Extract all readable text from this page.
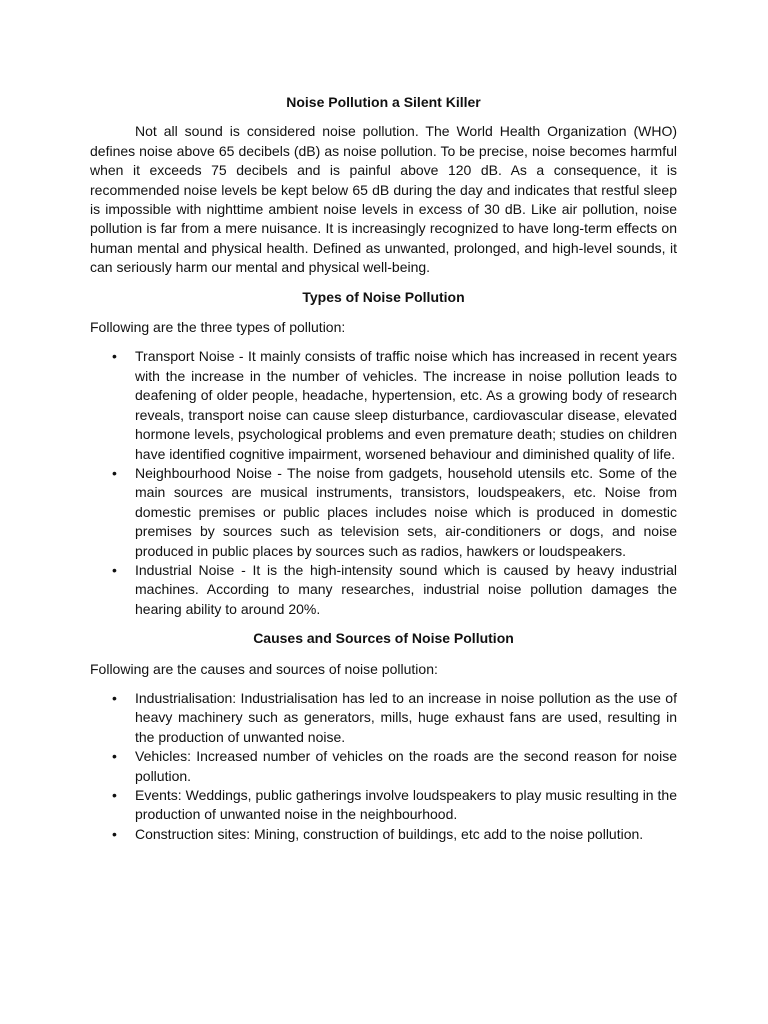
Noise Pollution a Silent Killer

Not all sound is considered noise pollution. The World Health Organization (WHO) defines noise above 65 decibels (dB) as noise pollution. To be precise, noise becomes harmful when it exceeds 75 decibels and is painful above 120 dB. As a consequence, it is recommended noise levels be kept below 65 dB during the day and indicates that restful sleep is impossible with nighttime ambient noise levels in excess of 30 dB. Like air pollution, noise pollution is far from a mere nuisance. It is increasingly recognized to have long-term effects on human mental and physical health. Defined as unwanted, prolonged, and high-level sounds, it can seriously harm our mental and physical well-being.

Types of Noise Pollution

Following are the three types of pollution:

• Transport Noise - It mainly consists of traffic noise which has increased in recent years with the increase in the number of vehicles. The increase in noise pollution leads to deafening of older people, headache, hypertension, etc. As a growing body of research reveals, transport noise can cause sleep disturbance, cardiovascular disease, elevated hormone levels, psychological problems and even premature death; studies on children have identified cognitive impairment, worsened behaviour and diminished quality of life.
• Neighbourhood Noise - The noise from gadgets, household utensils etc. Some of the main sources are musical instruments, transistors, loudspeakers, etc. Noise from domestic premises or public places includes noise which is produced in domestic premises by sources such as television sets, air-conditioners or dogs, and noise produced in public places by sources such as radios, hawkers or loudspeakers.
• Industrial Noise - It is the high-intensity sound which is caused by heavy industrial machines. According to many researches, industrial noise pollution damages the hearing ability to around 20%.
Causes and Sources of Noise Pollution

Following are the causes and sources of noise pollution:

• Industrialisation: Industrialisation has led to an increase in noise pollution as the use of heavy machinery such as generators, mills, huge exhaust fans are used, resulting in the production of unwanted noise.
• Vehicles: Increased number of vehicles on the roads are the second reason for noise pollution.
• Events: Weddings, public gatherings involve loudspeakers to play music resulting in the production of unwanted noise in the neighbourhood.
• Construction sites: Mining, construction of buildings, etc add to the noise pollution.
